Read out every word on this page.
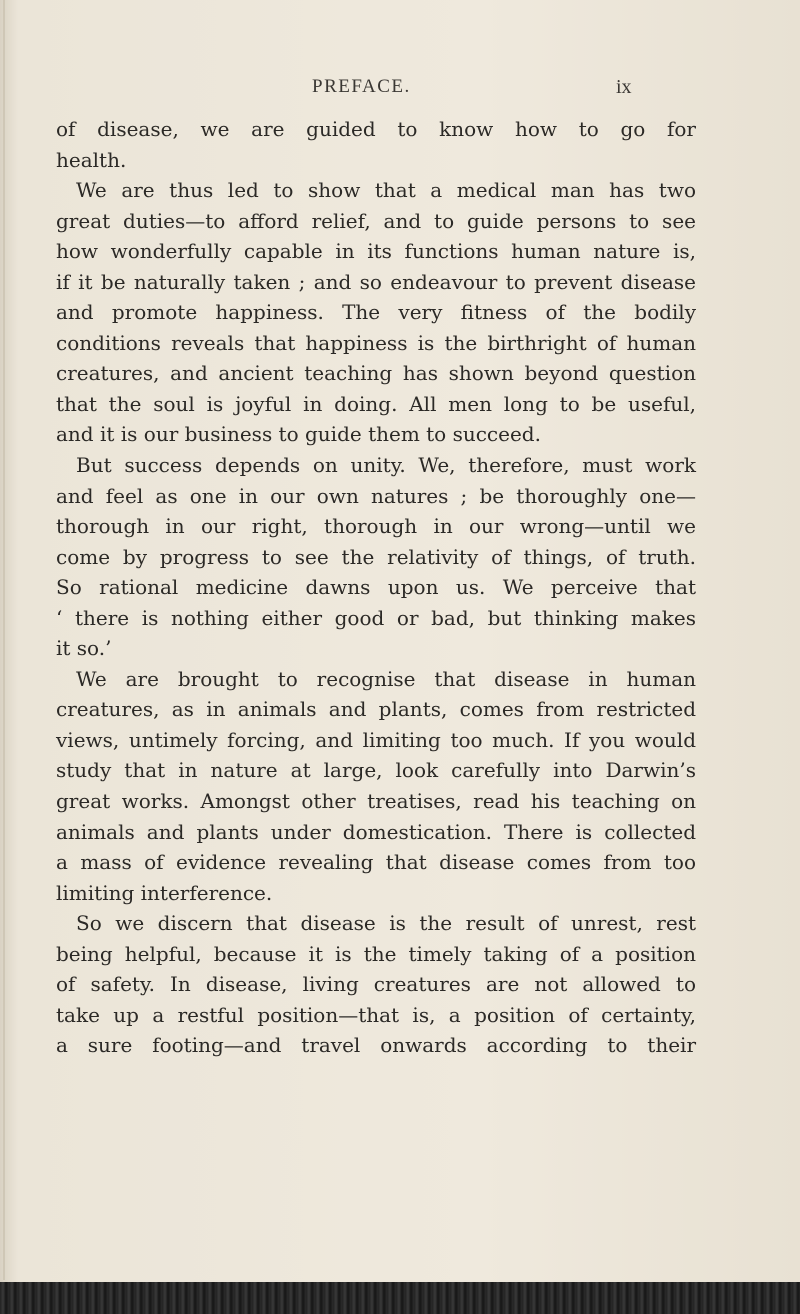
PREFACE.	ix
of disease, we are guided to know how to go for
health.
We are thus led to show that a medical man has two
great duties—to afford relief, and to guide persons to see
how wonderfully capable in its functions human nature is,
if it be naturally taken ; and so endeavour to prevent disease
and promote happiness. The very fitness of the bodily
conditions reveals that happiness is the birthright of human
creatures, and ancient teaching has shown beyond question
that the soul is joyful in doing. All men long to be useful,
and it is our business to guide them to succeed.
But success depends on unity. We, therefore, must work
and feel as one in our own natures ; be thoroughly one—
thorough in our right, thorough in our wrong—until we
come by progress to see the relativity of things, of truth.
So rational medicine dawns upon us. We perceive that
‘ there is nothing either good or bad, but thinking makes
it so.’
We are brought to recognise that disease in human
creatures, as in animals and plants, comes from restricted
views, untimely forcing, and limiting too much. If you would
study that in nature at large, look carefully into Darwin’s
great works. Amongst other treatises, read his teaching on
animals and plants under domestication. There is collected
a mass of evidence revealing that disease comes from too
limiting interference.
So we discern that disease is the result of unrest, rest
being helpful, because it is the timely taking of a position
of safety. In disease, living creatures are not allowed to
take up a restful position—that is, a position of certainty,
a sure footing—and travel onwards according to their
